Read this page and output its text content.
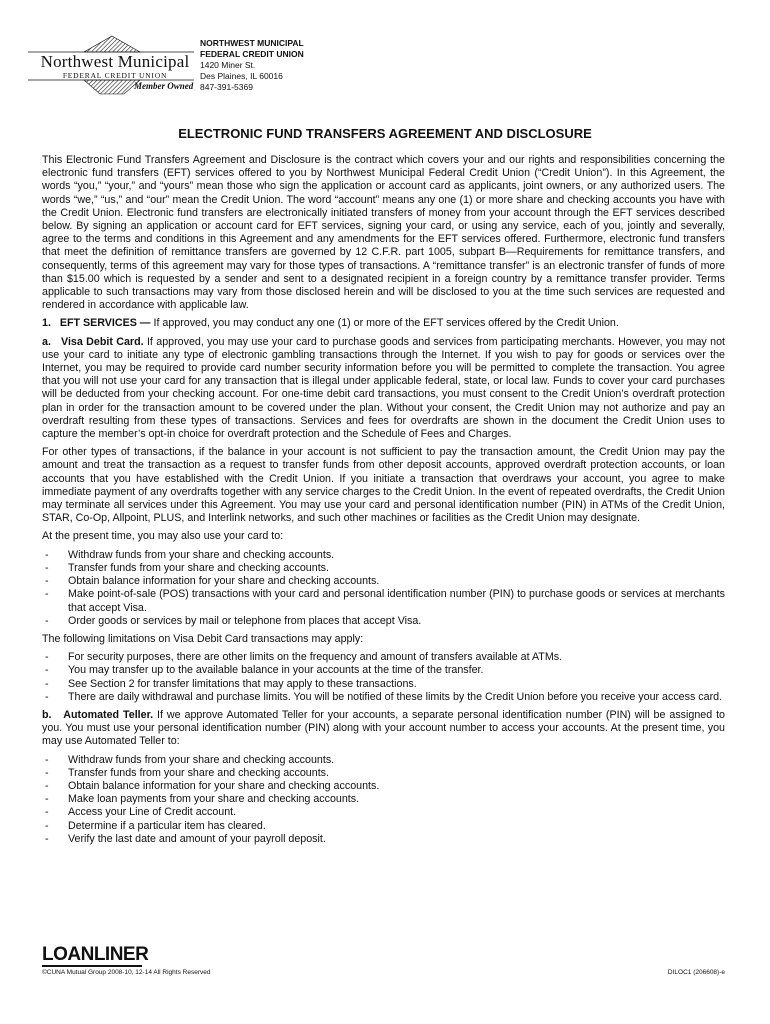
Northwest Municipal
FEDERAL CREDIT UNION
Member Owned
NORTHWEST MUNICIPAL
FEDERAL CREDIT UNION
1420 Miner St.
Des Plaines, IL 60016
847-391-5369
ELECTRONIC FUND TRANSFERS AGREEMENT AND DISCLOSURE

This Electronic Fund Transfers Agreement and Disclosure is the contract which covers your and our rights and responsibilities concerning the electronic fund transfers (EFT) services offered to you by Northwest Municipal Federal Credit Union (“Credit Union”). In this Agreement, the words “you,” “your,” and “yours” mean those who sign the application or account card as applicants, joint owners, or any authorized users. The words “we,” “us,” and “our” mean the Credit Union. The word “account” means any one (1) or more share and checking accounts you have with the Credit Union. Electronic fund transfers are electronically initiated transfers of money from your account through the EFT services described below. By signing an application or account card for EFT services, signing your card, or using any service, each of you, jointly and severally, agree to the terms and conditions in this Agreement and any amendments for the EFT services offered. Furthermore, electronic fund transfers that meet the definition of remittance transfers are governed by 12 C.F.R. part 1005, subpart B—Requirements for remittance transfers, and consequently, terms of this agreement may vary for those types of transactions. A “remittance transfer” is an electronic transfer of funds of more than $15.00 which is requested by a sender and sent to a designated recipient in a foreign country by a remittance transfer provider. Terms applicable to such transactions may vary from those disclosed herein and will be disclosed to you at the time such services are requested and rendered in accordance with applicable law.

1.   EFT SERVICES — If approved, you may conduct any one (1) or more of the EFT services offered by the Credit Union.

a.   Visa Debit Card. If approved, you may use your card to purchase goods and services from participating merchants. However, you may not use your card to initiate any type of electronic gambling transactions through the Internet. If you wish to pay for goods or services over the Internet, you may be required to provide card number security information before you will be permitted to complete the transaction. You agree that you will not use your card for any transaction that is illegal under applicable federal, state, or local law. Funds to cover your card purchases will be deducted from your checking account. For one-time debit card transactions, you must consent to the Credit Union’s overdraft protection plan in order for the transaction amount to be covered under the plan. Without your consent, the Credit Union may not authorize and pay an overdraft resulting from these types of transactions. Services and fees for overdrafts are shown in the document the Credit Union uses to capture the member’s opt-in choice for overdraft protection and the Schedule of Fees and Charges.

For other types of transactions, if the balance in your account is not sufficient to pay the transaction amount, the Credit Union may pay the amount and treat the transaction as a request to transfer funds from other deposit accounts, approved overdraft protection accounts, or loan accounts that you have established with the Credit Union. If you initiate a transaction that overdraws your account, you agree to make immediate payment of any overdrafts together with any service charges to the Credit Union. In the event of repeated overdrafts, the Credit Union may terminate all services under this Agreement. You may use your card and personal identification number (PIN) in ATMs of the Credit Union, STAR, Co-Op, Allpoint, PLUS, and Interlink networks, and such other machines or facilities as the Credit Union may designate.

At the present time, you may also use your card to:

- Withdraw funds from your share and checking accounts.
- Transfer funds from your share and checking accounts.
- Obtain balance information for your share and checking accounts.
- Make point-of-sale (POS) transactions with your card and personal identification number (PIN) to purchase goods or services at merchants that accept Visa.
- Order goods or services by mail or telephone from places that accept Visa.

The following limitations on Visa Debit Card transactions may apply:

- For security purposes, there are other limits on the frequency and amount of transfers available at ATMs.
- You may transfer up to the available balance in your accounts at the time of the transfer.
- See Section 2 for transfer limitations that may apply to these transactions.
- There are daily withdrawal and purchase limits. You will be notified of these limits by the Credit Union before you receive your access card.

b.   Automated Teller. If we approve Automated Teller for your accounts, a separate personal identification number (PIN) will be assigned to you. You must use your personal identification number (PIN) along with your account number to access your accounts. At the present time, you may use Automated Teller to:

- Withdraw funds from your share and checking accounts.
- Transfer funds from your share and checking accounts.
- Obtain balance information for your share and checking accounts.
- Make loan payments from your share and checking accounts.
- Access your Line of Credit account.
- Determine if a particular item has cleared.
- Verify the last date and amount of your payroll deposit.
LOANLINER
©CUNA Mutual Group 2008-10, 12-14 All Rights Reserved	DILOC1 (206608)-e
